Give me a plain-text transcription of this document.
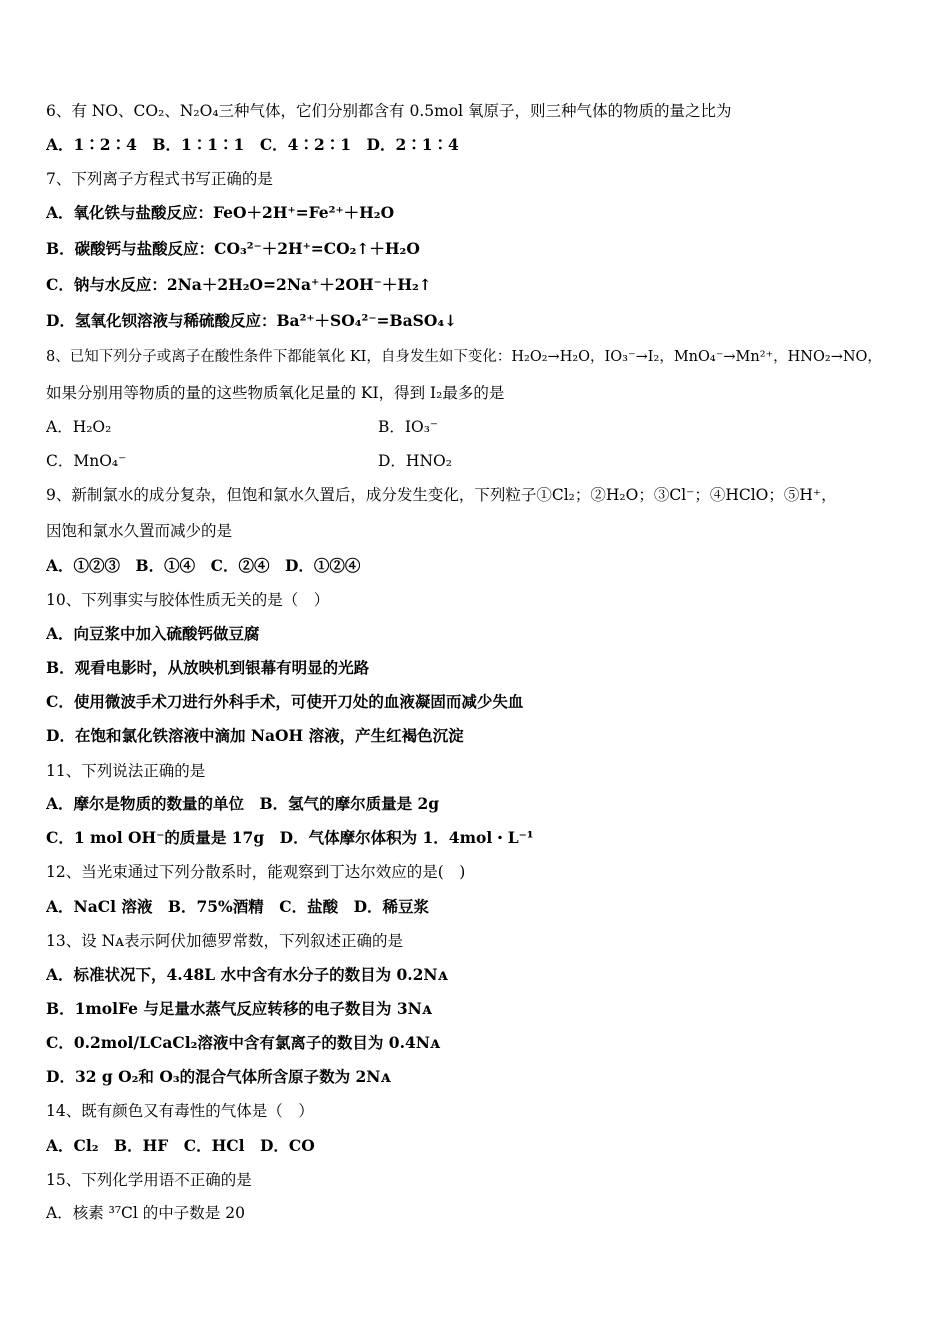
6、有 NO、CO₂、N₂O₄三种气体，它们分别都含有 0.5mol 氧原子，则三种气体的物质的量之比为
A．1∶2∶4　B．1∶1∶1　C．4∶2∶1　D．2∶1∶4
7、下列离子方程式书写正确的是
A．氧化铁与盐酸反应：FeO＋2H⁺=Fe²⁺＋H₂O
B．碳酸钙与盐酸反应：CO₃²⁻＋2H⁺=CO₂↑＋H₂O
C．钠与水反应：2Na＋2H₂O=2Na⁺＋2OH⁻＋H₂↑
D．氢氧化钡溶液与稀硫酸反应：Ba²⁺＋SO₄²⁻=BaSO₄↓
8、已知下列分子或离子在酸性条件下都能氧化 KI，自身发生如下变化：H₂O₂→H₂O，IO₃⁻→I₂，MnO₄⁻→Mn²⁺，HNO₂→NO，
如果分别用等物质的量的这些物质氧化足量的 KI，得到 I₂最多的是
A．H₂O₂	B．IO₃⁻
C．MnO₄⁻	D．HNO₂
9、新制氯水的成分复杂，但饱和氯水久置后，成分发生变化，下列粒子①Cl₂；②H₂O；③Cl⁻；④HClO；⑤H⁺，
因饱和氯水久置而减少的是
A．①②③　B．①④　C．②④　D．①②④
10、下列事实与胶体性质无关的是（　）
A．向豆浆中加入硫酸钙做豆腐
B．观看电影时，从放映机到银幕有明显的光路
C．使用微波手术刀进行外科手术，可使开刀处的血液凝固而减少失血
D．在饱和氯化铁溶液中滴加 NaOH 溶液，产生红褐色沉淀
11、下列说法正确的是
A．摩尔是物质的数量的单位　B．氢气的摩尔质量是 2g
C．1 mol OH⁻的质量是 17g　D．气体摩尔体积为 1．4mol・L⁻¹
12、当光束通过下列分散系时，能观察到丁达尔效应的是(　)
A．NaCl 溶液　B．75%酒精　C．盐酸　D．稀豆浆
13、设 Nᴀ表示阿伏加德罗常数，下列叙述正确的是
A．标准状况下，4.48L 水中含有水分子的数目为 0.2Nᴀ
B．1molFe 与足量水蒸气反应转移的电子数目为 3Nᴀ
C．0.2mol/LCaCl₂溶液中含有氯离子的数目为 0.4Nᴀ
D．32 g O₂和 O₃的混合气体所含原子数为 2Nᴀ
14、既有颜色又有毒性的气体是（　）
A．Cl₂　B．HF　C．HCl　D．CO
15、下列化学用语不正确的是
A．核素 ³⁷Cl 的中子数是 20
